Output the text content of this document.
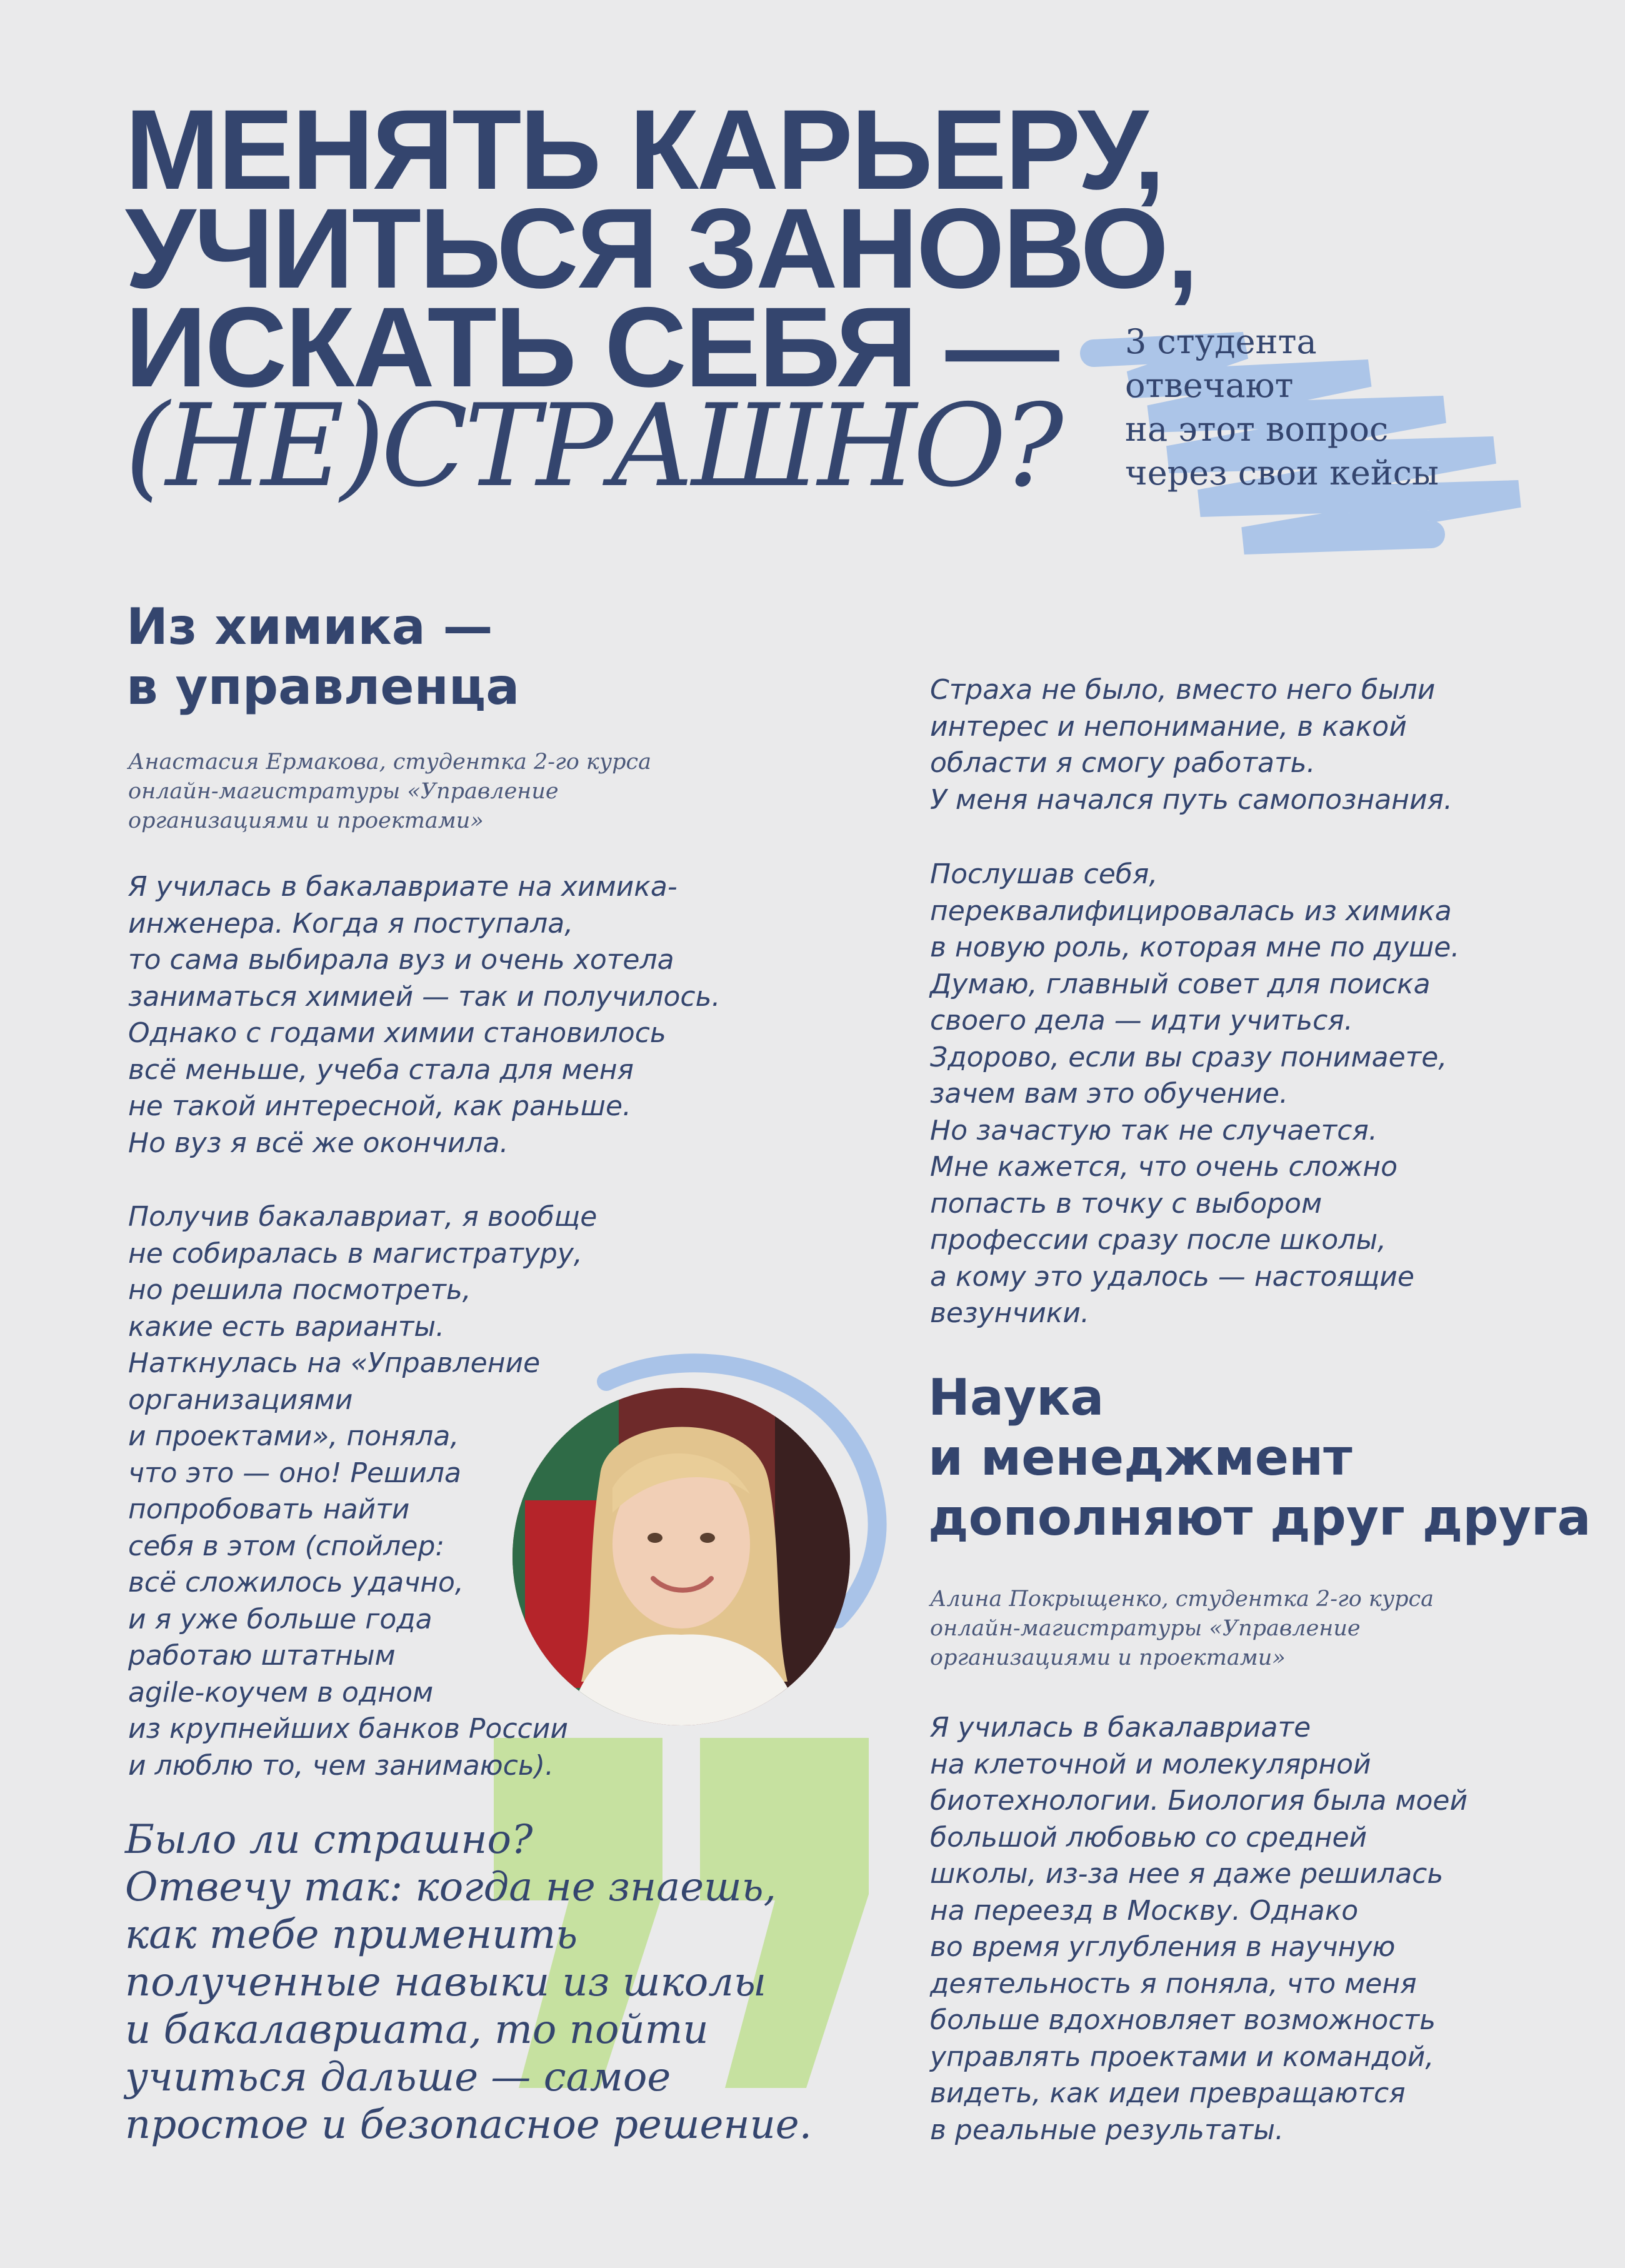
МЕНЯТЬ КАРЬЕРУ,
УЧИТЬСЯ ЗАНОВО,
ИСКАТЬ СЕБЯ —
(НЕ)СТРАШНО?
3 студента
отвечают
на этот вопрос
через свои кейсы
Из химика —
в управленца
Анастасия Ермакова, студентка 2-го курса
онлайн-магистратуры «Управление
организациями и проектами»
Я училась в бакалавриате на химика-
инженера. Когда я поступала,
то сама выбирала вуз и очень хотела
заниматься химией — так и получилось.
Однако с годами химии становилось
всё меньше, учеба стала для меня
не такой интересной, как раньше.
Но вуз я всё же окончила.
Получив бакалавриат, я вообще
не собиралась в магистратуру,
но решила посмотреть,
какие есть варианты.
Наткнулась на «Управление
организациями
и проектами», поняла,
что это — оно! Решила
попробовать найти
себя в этом (спойлер:
всё сложилось удачно,
и я уже больше года
работаю штатным
agile-коучем в одном
из крупнейших банков России
и люблю то, чем занимаюсь).
Было ли страшно?
Отвечу так: когда не знаешь,
как тебе применить
полученные навыки из школы
и бакалавриата, то пойти
учиться дальше — самое
простое и безопасное решение.
Страха не было, вместо него были
интерес и непонимание, в какой
области я смогу работать.
У меня начался путь самопознания.
Послушав себя,
переквалифицировалась из химика
в новую роль, которая мне по душе.
Думаю, главный совет для поиска
своего дела — идти учиться.
Здорово, если вы сразу понимаете,
зачем вам это обучение.
Но зачастую так не случается.
Мне кажется, что очень сложно
попасть в точку с выбором
профессии сразу после школы,
а кому это удалось — настоящие
везунчики.
Наука
и менеджмент
дополняют друг друга
Алина Покрыщенко, студентка 2-го курса
онлайн-магистратуры «Управление
организациями и проектами»
Я училась в бакалавриате
на клеточной и молекулярной
биотехнологии. Биология была моей
большой любовью со средней
школы, из-за нее я даже решилась
на переезд в Москву. Однако
во время углубления в научную
деятельность я поняла, что меня
больше вдохновляет возможность
управлять проектами и командой,
видеть, как идеи превращаются
в реальные результаты.
